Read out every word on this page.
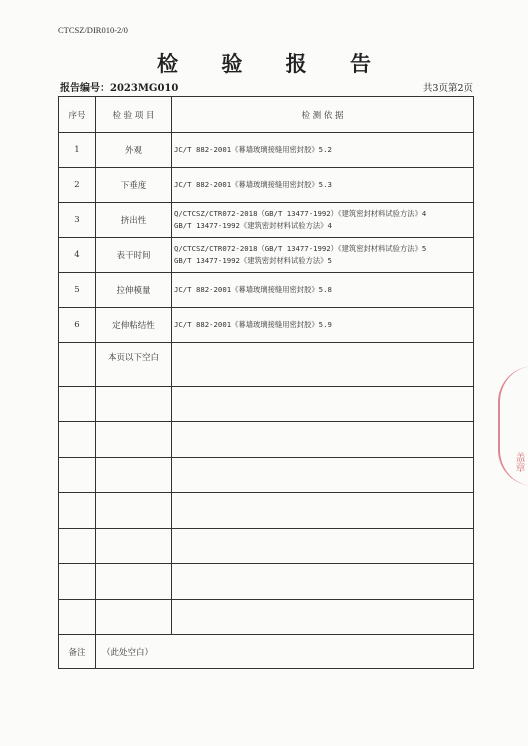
CTCSZ/DIR010-2/0
检 验 报 告
报告编号：2023MG010	共3页第2页
序号	检 验 项 目	检 测 依 据
1	外观	JC/T 882-2001《幕墙玻璃接缝用密封胶》5.2

2	下垂度	JC/T 882-2001《幕墙玻璃接缝用密封胶》5.3

3	挤出性	Q/CTCSZ/CTR072-2018（GB/T 13477-1992）《建筑密封材料试验方法》4
GB/T 13477-1992《建筑密封材料试验方法》4

4	表干时间	Q/CTCSZ/CTR072-2018（GB/T 13477-1992）《建筑密封材料试验方法》5
GB/T 13477-1992《建筑密封材料试验方法》5

5	拉伸模量	JC/T 882-2001《幕墙玻璃接缝用密封胶》5.8

6	定伸粘结性	JC/T 882-2001《幕墙玻璃接缝用密封胶》5.9

	本页以下空白	

备注	（此处空白）	
盖章
